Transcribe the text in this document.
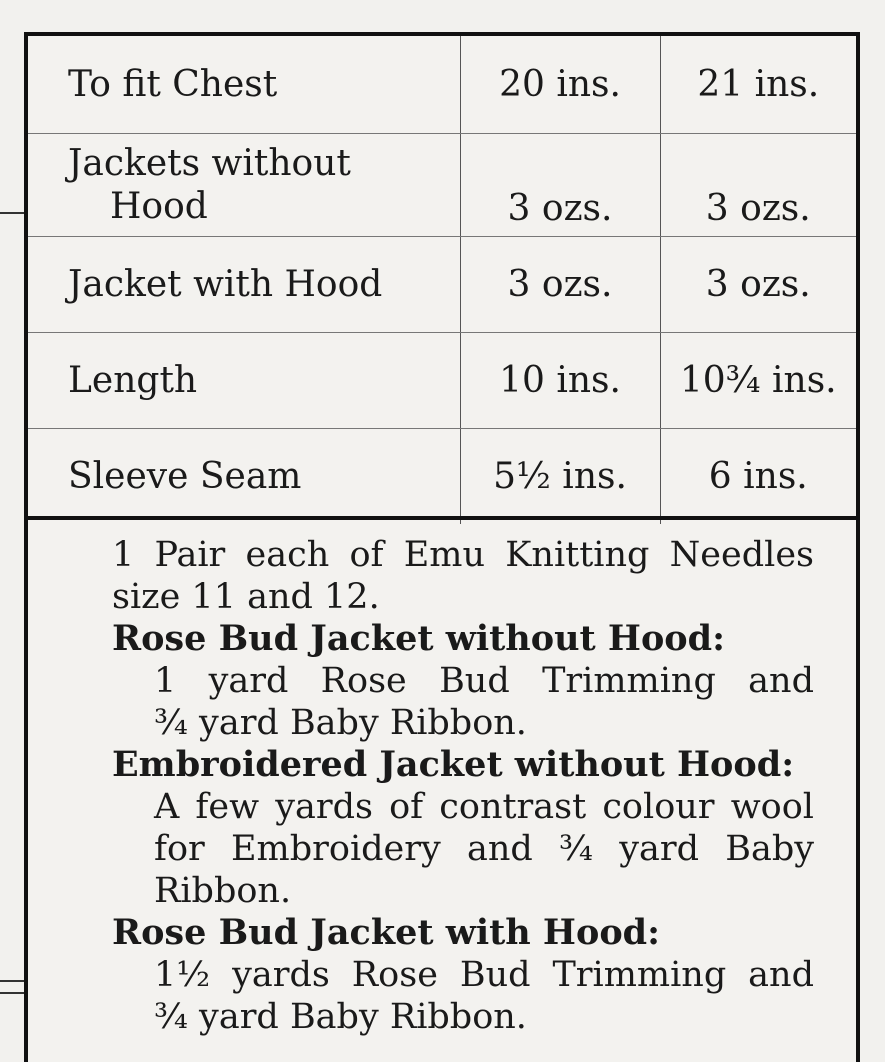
To fit Chest	20 ins.	21 ins.

Jackets without
Hood	3 ozs.	3 ozs.
Jacket with Hood	3 ozs.	3 ozs.
Length	10 ins.	10¾ ins.
Sleeve Seam	5½ ins.	6 ins.
1 Pair each of Emu Knitting Needles
size 11 and 12.
Rose Bud Jacket without Hood:
1 yard Rose Bud Trimming and
¾ yard Baby Ribbon.
Embroidered Jacket without Hood:
A few yards of contrast colour wool
for Embroidery and ¾ yard Baby
Ribbon.
Rose Bud Jacket with Hood:
1½ yards Rose Bud Trimming and
¾ yard Baby Ribbon.
